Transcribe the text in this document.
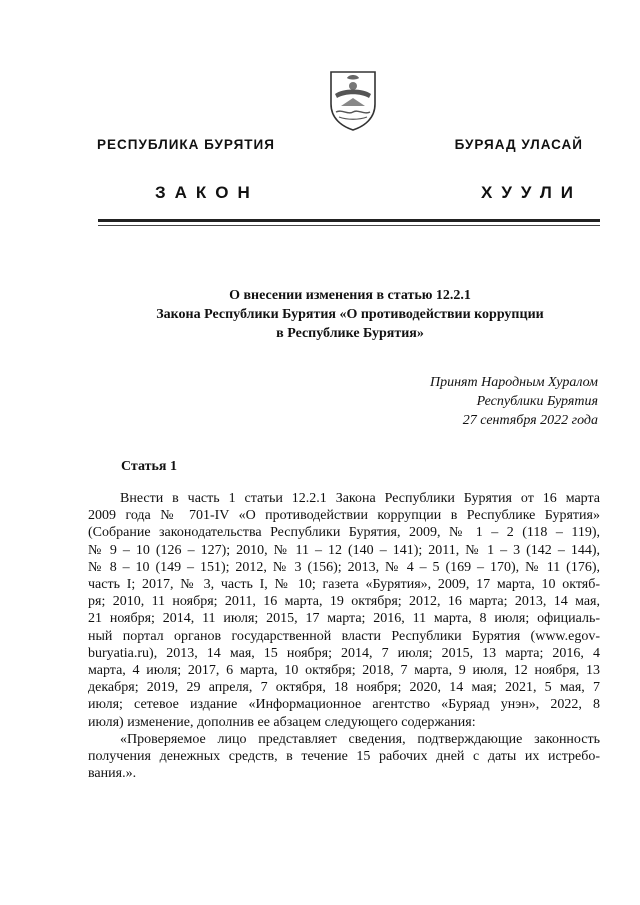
РЕСПУБЛИКА БУРЯТИЯ	БУРЯАД УЛАСАЙ
ЗАКОН	ХУУЛИ
О внесении изменения в статью 12.2.1
Закона Республики Бурятия «О противодействии коррупции
в Республике Бурятия»
Принят Народным Хуралом
Республики Бурятия
27 сентября 2022 года
Статья 1
Внести в часть 1 статьи 12.2.1 Закона Республики Бурятия от 16 марта
2009 года № 701-IV «О противодействии коррупции в Республике Бурятия»
(Собрание законодательства Республики Бурятия, 2009, № 1 – 2 (118 – 119),
№ 9 – 10 (126 – 127); 2010, № 11 – 12 (140 – 141); 2011, № 1 – 3 (142 – 144),
№ 8 – 10 (149 – 151); 2012, № 3 (156); 2013, № 4 – 5 (169 – 170), № 11 (176),
часть I; 2017, № 3, часть I, № 10; газета «Бурятия», 2009, 17 марта, 10 октяб-
ря; 2010, 11 ноября; 2011, 16 марта, 19 октября; 2012, 16 марта; 2013, 14 мая,
21 ноября; 2014, 11 июля; 2015, 17 марта; 2016, 11 марта, 8 июля; официаль-
ный портал органов государственной власти Республики Бурятия (www.egov-
buryatia.ru), 2013, 14 мая, 15 ноября; 2014, 7 июля; 2015, 13 марта; 2016, 4
марта, 4 июля; 2017, 6 марта, 10 октября; 2018, 7 марта, 9 июля, 12 ноября, 13
декабря; 2019, 29 апреля, 7 октября, 18 ноября; 2020, 14 мая; 2021, 5 мая, 7
июля; сетевое издание «Информационное агентство «Буряад унэн», 2022, 8
июля) изменение, дополнив ее абзацем следующего содержания:
«Проверяемое лицо представляет сведения, подтверждающие законность
получения денежных средств, в течение 15 рабочих дней с даты их истребо-
вания.».
